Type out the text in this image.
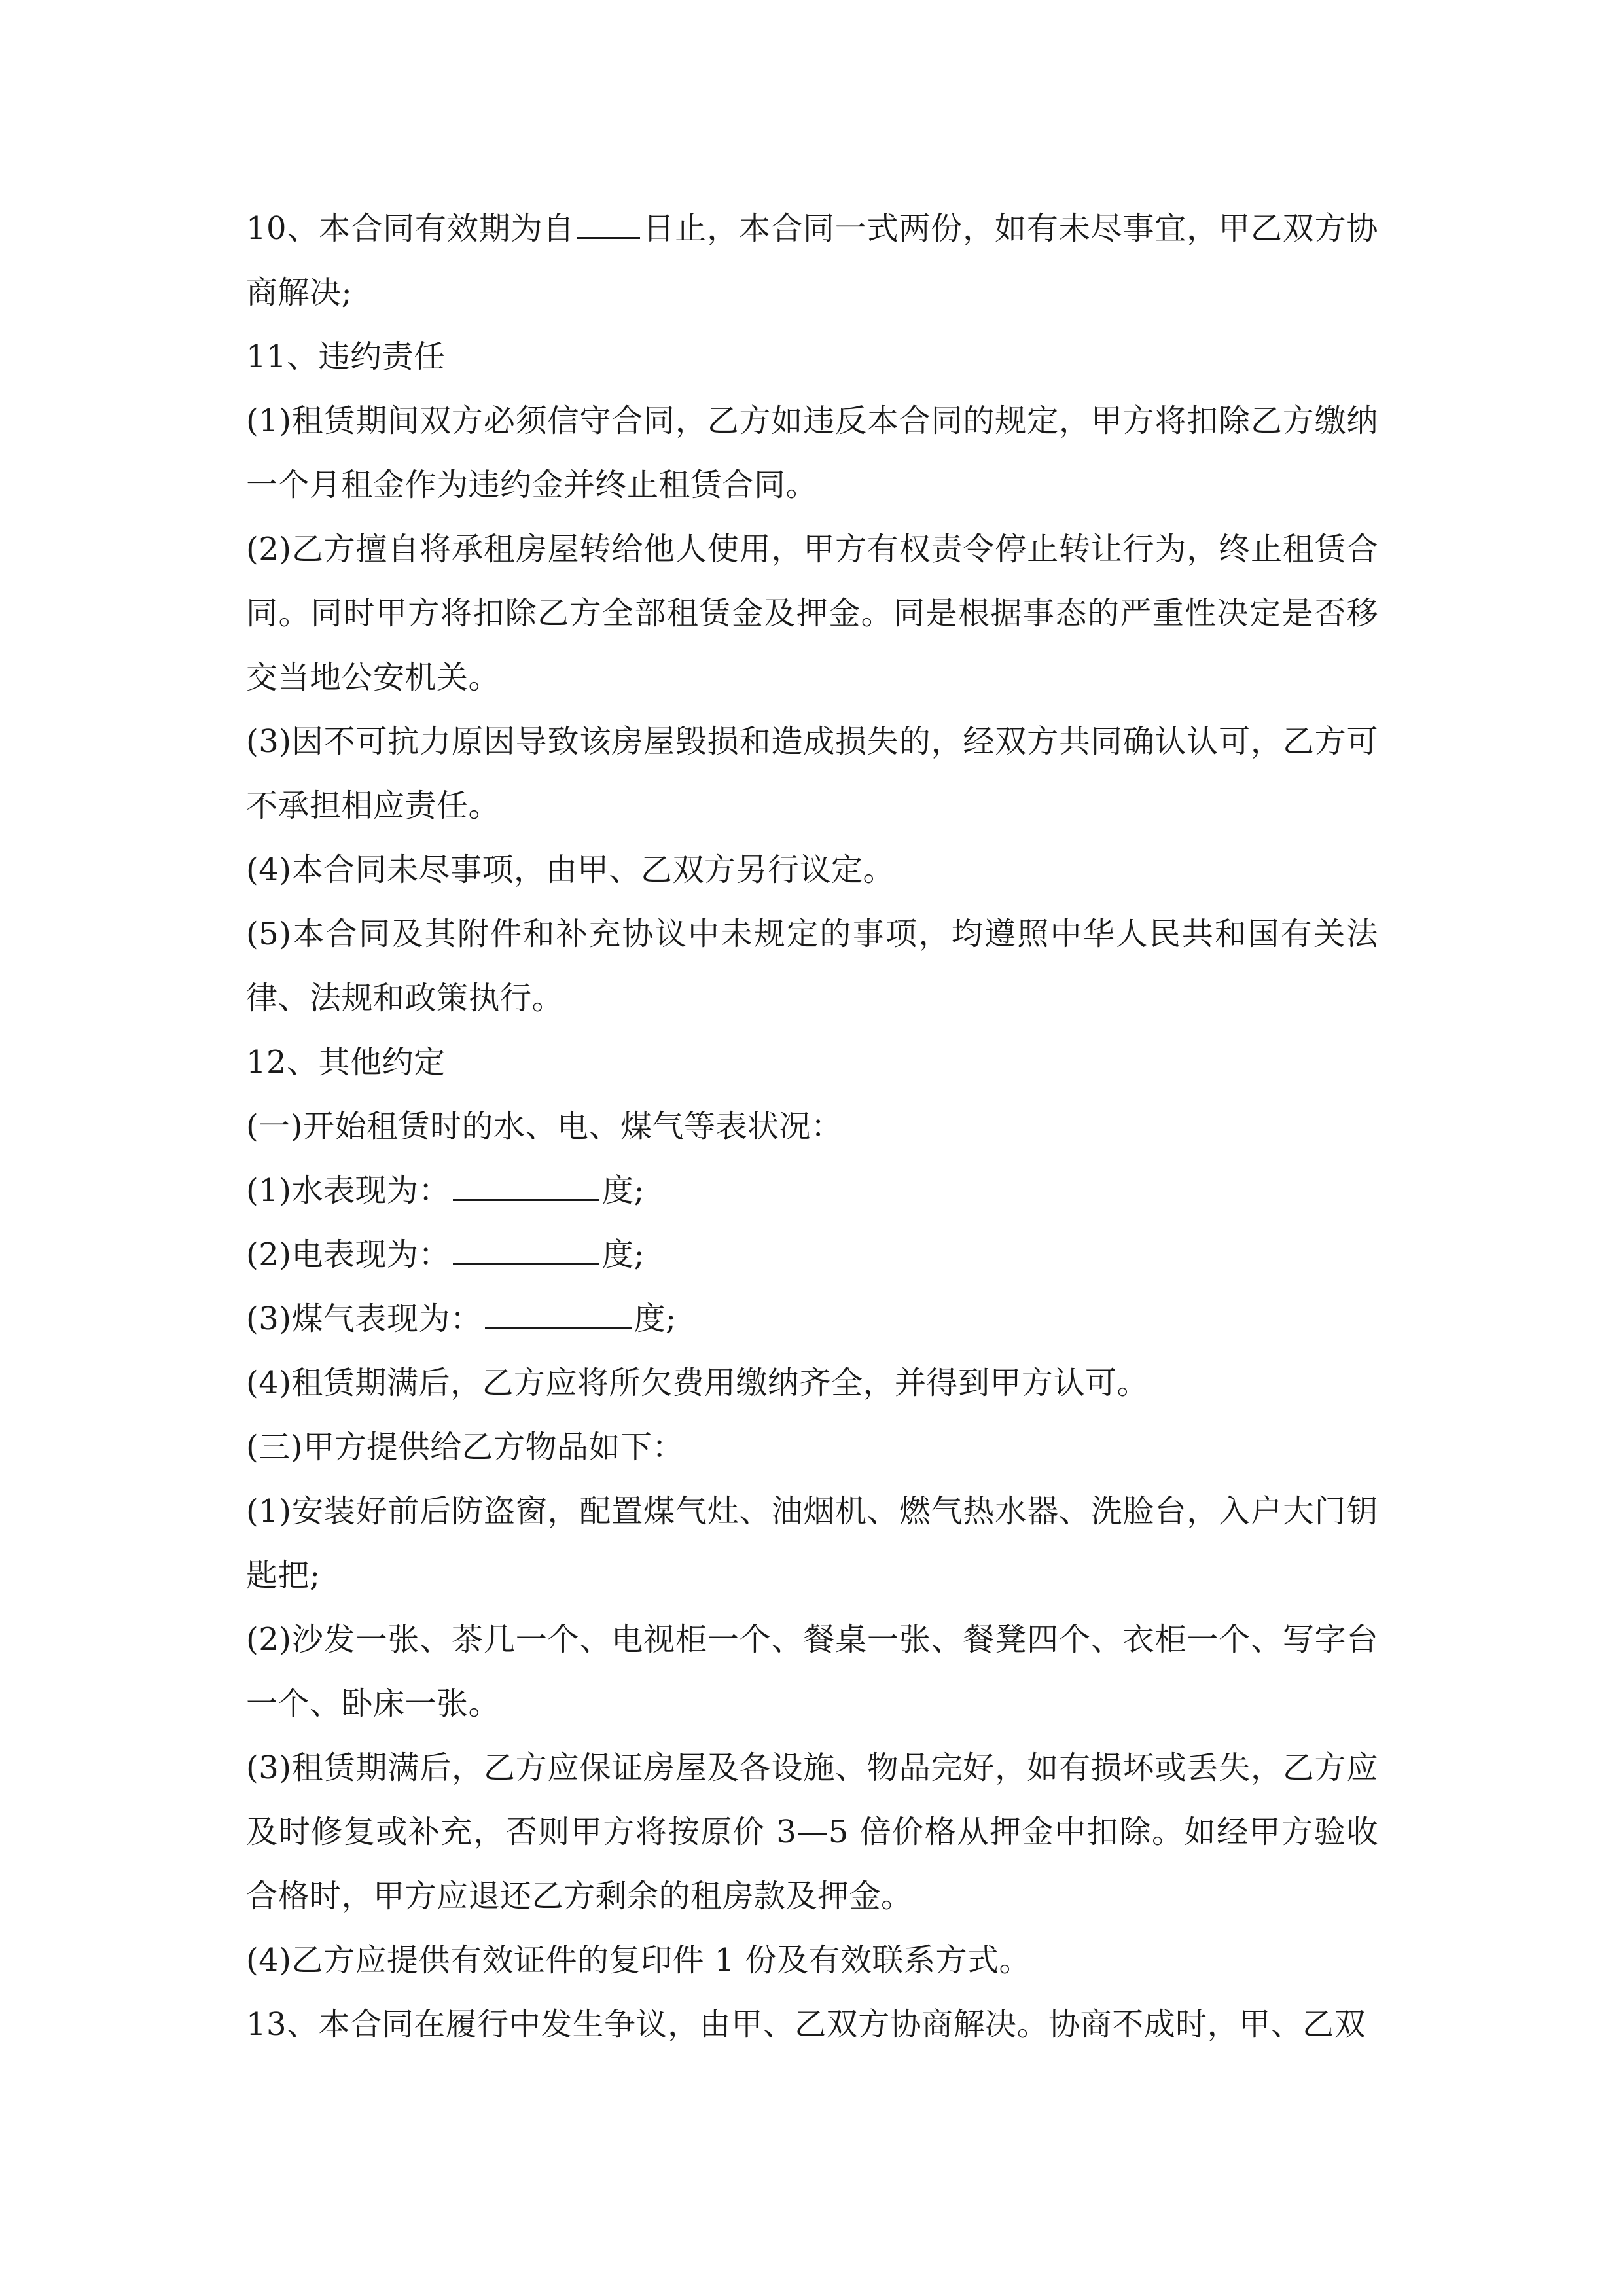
10、本合同有效期为自 日止，本合同一式两份，如有未尽事宜，甲乙双方协商解决;

11、违约责任

(1)租赁期间双方必须信守合同，乙方如违反本合同的规定，甲方将扣除乙方缴纳一个月租金作为违约金并终止租赁合同。

(2)乙方擅自将承租房屋转给他人使用，甲方有权责令停止转让行为，终止租赁合同。同时甲方将扣除乙方全部租赁金及押金。同是根据事态的严重性决定是否移交当地公安机关。

(3)因不可抗力原因导致该房屋毁损和造成损失的，经双方共同确认认可，乙方可不承担相应责任。

(4)本合同未尽事项，由甲、乙双方另行议定。

(5)本合同及其附件和补充协议中未规定的事项，均遵照中华人民共和国有关法律、法规和政策执行。

12、其他约定

(一)开始租赁时的水、电、煤气等表状况：

(1)水表现为：	度;

(2)电表现为：	度;

(3)煤气表现为：	度;

(4)租赁期满后，乙方应将所欠费用缴纳齐全，并得到甲方认可。

(三)甲方提供给乙方物品如下：

(1)安装好前后防盗窗，配置煤气灶、油烟机、燃气热水器、洗脸台，入户大门钥匙把;

(2)沙发一张、茶几一个、电视柜一个、餐桌一张、餐凳四个、衣柜一个、写字台一个、卧床一张。

(3)租赁期满后，乙方应保证房屋及各设施、物品完好，如有损坏或丢失，乙方应及时修复或补充，否则甲方将按原价 3—5 倍价格从押金中扣除。如经甲方验收合格时，甲方应退还乙方剩余的租房款及押金。

(4)乙方应提供有效证件的复印件 1 份及有效联系方式。

13、本合同在履行中发生争议，由甲、乙双方协商解决。协商不成时，甲、乙双
